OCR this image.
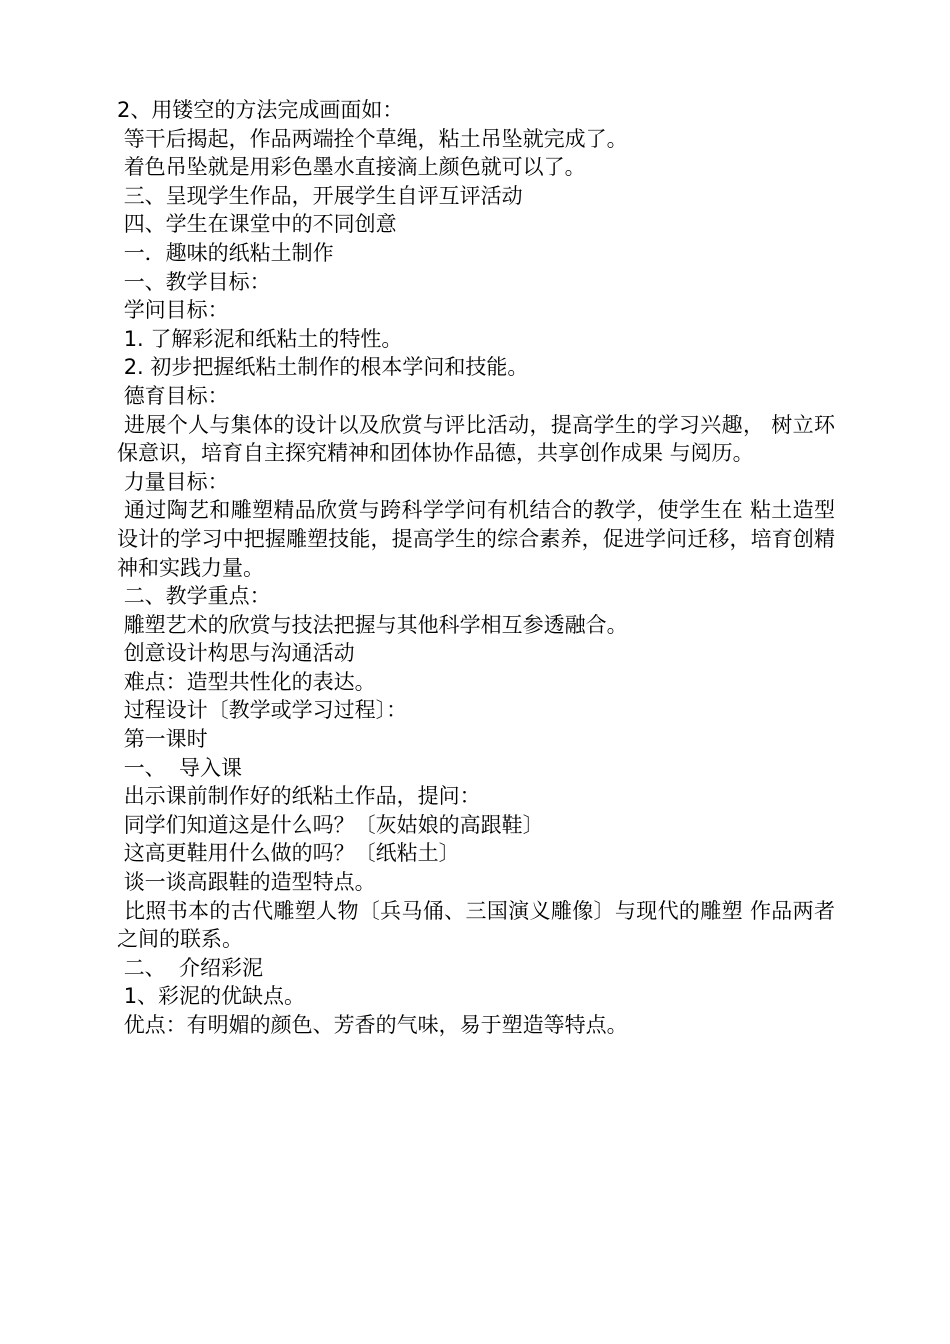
2、用镂空的方法完成画面如：

等干后揭起，作品两端拴个草绳，粘土吊坠就完成了。

着色吊坠就是用彩色墨水直接滴上颜色就可以了。

三、呈现学生作品，开展学生自评互评活动

四、学生在课堂中的不同创意

一．趣味的纸粘土制作

一、教学目标：

学问目标：

1. 了解彩泥和纸粘土的特性。

2. 初步把握纸粘土制作的根本学问和技能。

德育目标：

进展个人与集体的设计以及欣赏与评比活动，提高学生的学习兴趣， 树立环保意识，培育自主探究精神和团体协作品德，共享创作成果 与阅历。

力量目标：

通过陶艺和雕塑精品欣赏与跨科学学问有机结合的教学，使学生在 粘土造型设计的学习中把握雕塑技能，提高学生的综合素养，促进学问迁移，培育创精神和实践力量。

二、教学重点：

雕塑艺术的欣赏与技法把握与其他科学相互参透融合。

创意设计构思与沟通活动

难点：造型共性化的表达。

过程设计〔教学或学习过程〕：

第一课时

一、  导入课

出示课前制作好的纸粘土作品，提问：

同学们知道这是什么吗？〔灰姑娘的高跟鞋〕

这高更鞋用什么做的吗？〔纸粘土〕

谈一谈高跟鞋的造型特点。

比照书本的古代雕塑人物〔兵马俑、三国演义雕像〕与现代的雕塑 作品两者之间的联系。

二、  介绍彩泥

1、彩泥的优缺点。

优点：有明媚的颜色、芳香的气味，易于塑造等特点。
